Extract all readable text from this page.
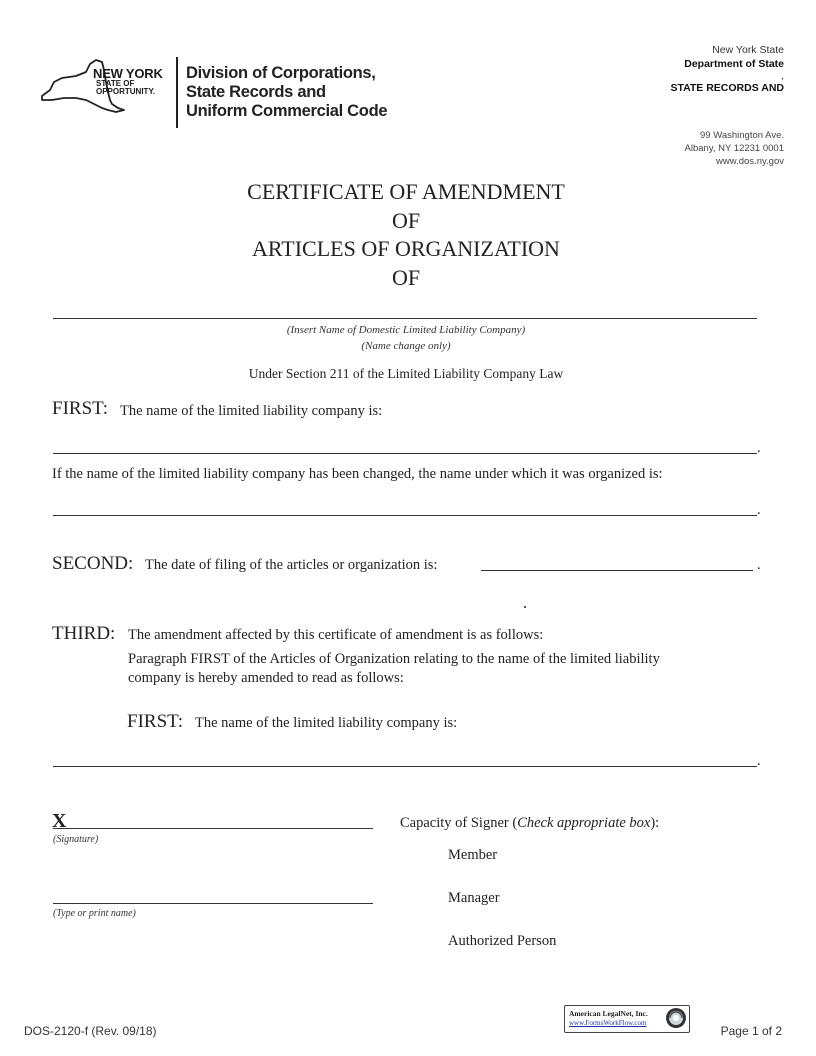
NEW YORK
STATE OF OPPORTUNITY.
Division of Corporations,
State Records and
Uniform Commercial Code
New York State
Department of State
,
STATE RECORDS AND
99 Washington Ave.
Albany, NY 12231 0001
www.dos.ny.gov
CERTIFICATE OF AMENDMENT
OF
ARTICLES OF ORGANIZATION
OF
(Insert Name of Domestic Limited Liability Company)
(Name change only)
Under Section 211 of the Limited Liability Company Law
FIRST: The name of the limited liability company is:
.
If the name of the limited liability company has been changed, the name under which it was organized is:
.
SECOND: The date of filing of the articles or organization is:	.
THIRD: The amendment affected by this certificate of amendment is as follows:
Paragraph FIRST of the Articles of Organization relating to the name of the limited liability
company is hereby amended to read as follows:
FIRST: The name of the limited liability company is:
.
X
(Signature)
(Type or print name)
Capacity of Signer (Check appropriate box):
Member
Manager
Authorized Person
DOS-2120-f (Rev. 09/18)
American LegalNet, Inc.
www.FormsWorkFlow.com
Page 1 of 2
